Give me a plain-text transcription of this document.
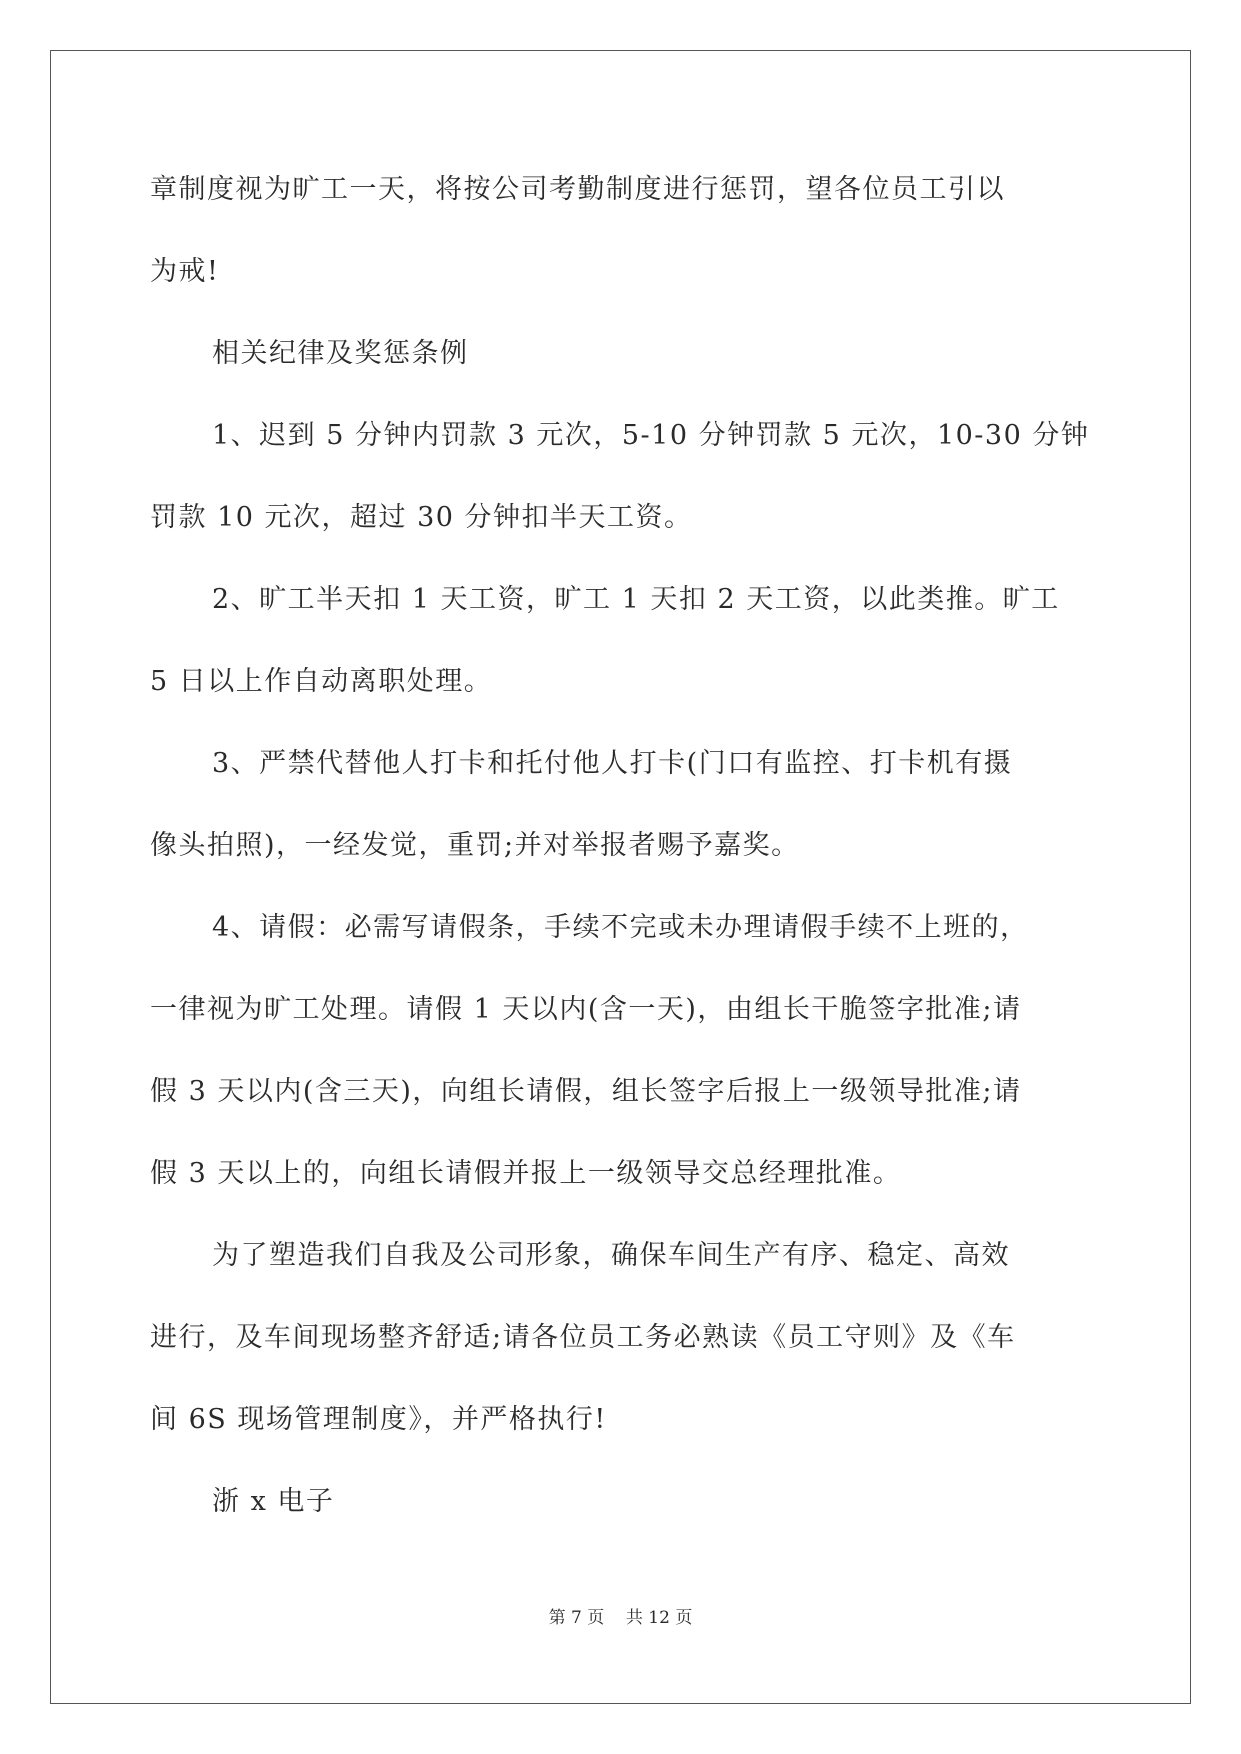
章制度视为旷工一天，将按公司考勤制度进行惩罚，望各位员工引以
为戒!
相关纪律及奖惩条例
1、迟到 5 分钟内罚款 3 元次，5-10 分钟罚款 5 元次，10-30 分钟
罚款 10 元次，超过 30 分钟扣半天工资。
2、旷工半天扣 1 天工资，旷工 1 天扣 2 天工资，以此类推。旷工
5 日以上作自动离职处理。
3、严禁代替他人打卡和托付他人打卡(门口有监控、打卡机有摄
像头拍照)，一经发觉，重罚;并对举报者赐予嘉奖。
4、请假：必需写请假条，手续不完或未办理请假手续不上班的，
一律视为旷工处理。请假 1 天以内(含一天)，由组长干脆签字批准;请
假 3 天以内(含三天)，向组长请假，组长签字后报上一级领导批准;请
假 3 天以上的，向组长请假并报上一级领导交总经理批准。
为了塑造我们自我及公司形象，确保车间生产有序、稳定、高效
进行，及车间现场整齐舒适;请各位员工务必熟读《员工守则》及《车
间 6S 现场管理制度》，并严格执行!
浙 x 电子
第 7 页    共 12 页
